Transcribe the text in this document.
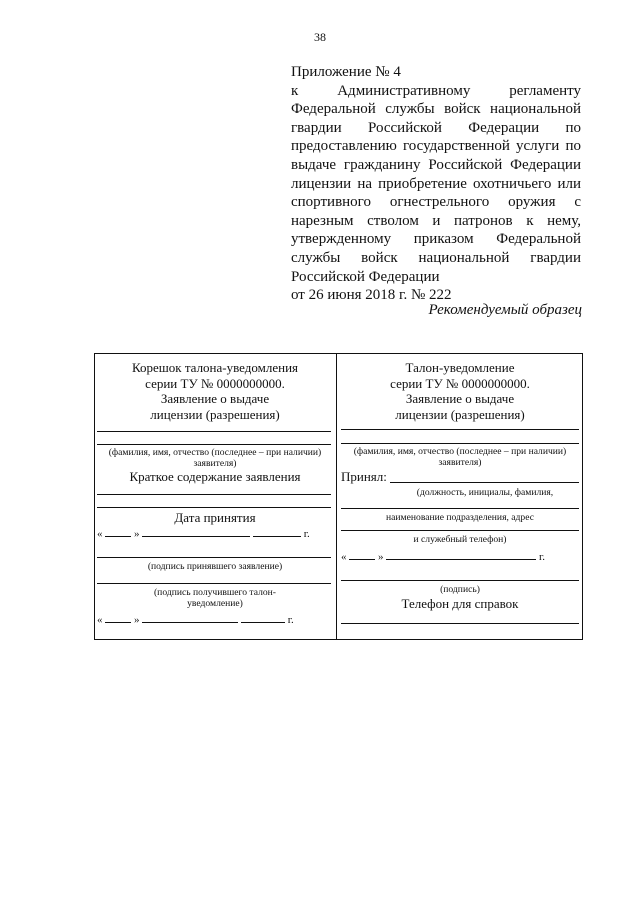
38
Приложение № 4
к Административному регламенту
Федеральной службы войск национальной
гвардии Российской Федерации по
предоставлению государственной услуги по
выдаче гражданину Российской Федерации
лицензии на приобретение охотничьего или
спортивного огнестрельного оружия с
нарезным стволом и патронов к нему,
утвержденному приказом Федеральной
службы войск национальной гвардии
Российской Федерации
от 26 июня 2018 г. № 222
Рекомендуемый образец
Корешок талона-уведомления
серии ТУ № 0000000000.
Заявление о выдаче
лицензии (разрешения)
(фамилия, имя, отчество (последнее – при наличии) заявителя)
Краткое содержание заявления
Дата принятия
«	»	г.
(подпись принявшего заявление)
(подпись получившего талон-уведомление)
«	»	г.
Талон-уведомление
серии ТУ № 0000000000.
Заявление о выдаче
лицензии (разрешения)
(фамилия, имя, отчество (последнее – при наличии) заявителя)
Принял:
(должность, инициалы, фамилия,
наименование подразделения, адрес
и служебный телефон)
«	»	г.
(подпись)
Телефон для справок
